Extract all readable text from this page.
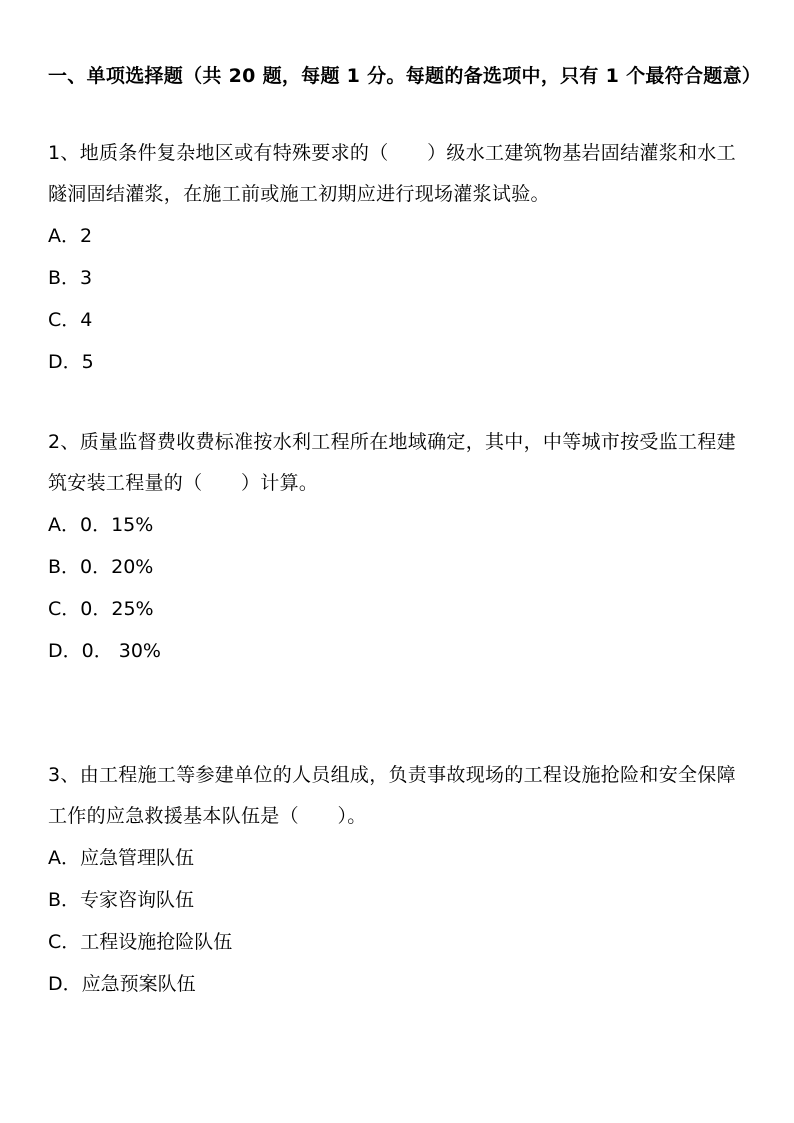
一、单项选择题（共 20 题，每题 1 分。每题的备选项中，只有 1 个最符合题意）
1、地质条件复杂地区或有特殊要求的（　　）级水工建筑物基岩固结灌浆和水工隧洞固结灌浆，在施工前或施工初期应进行现场灌浆试验。
A．2
B．3
C．4
D．5
2、质量监督费收费标准按水利工程所在地域确定，其中，中等城市按受监工程建筑安装工程量的（　　）计算。
A．0．15%
B．0．20%
C．0．25%
D．0． 30%
3、由工程施工等参建单位的人员组成，负责事故现场的工程设施抢险和安全保障工作的应急救援基本队伍是（　　）。
A．应急管理队伍
B．专家咨询队伍
C．工程设施抢险队伍
D．应急预案队伍
